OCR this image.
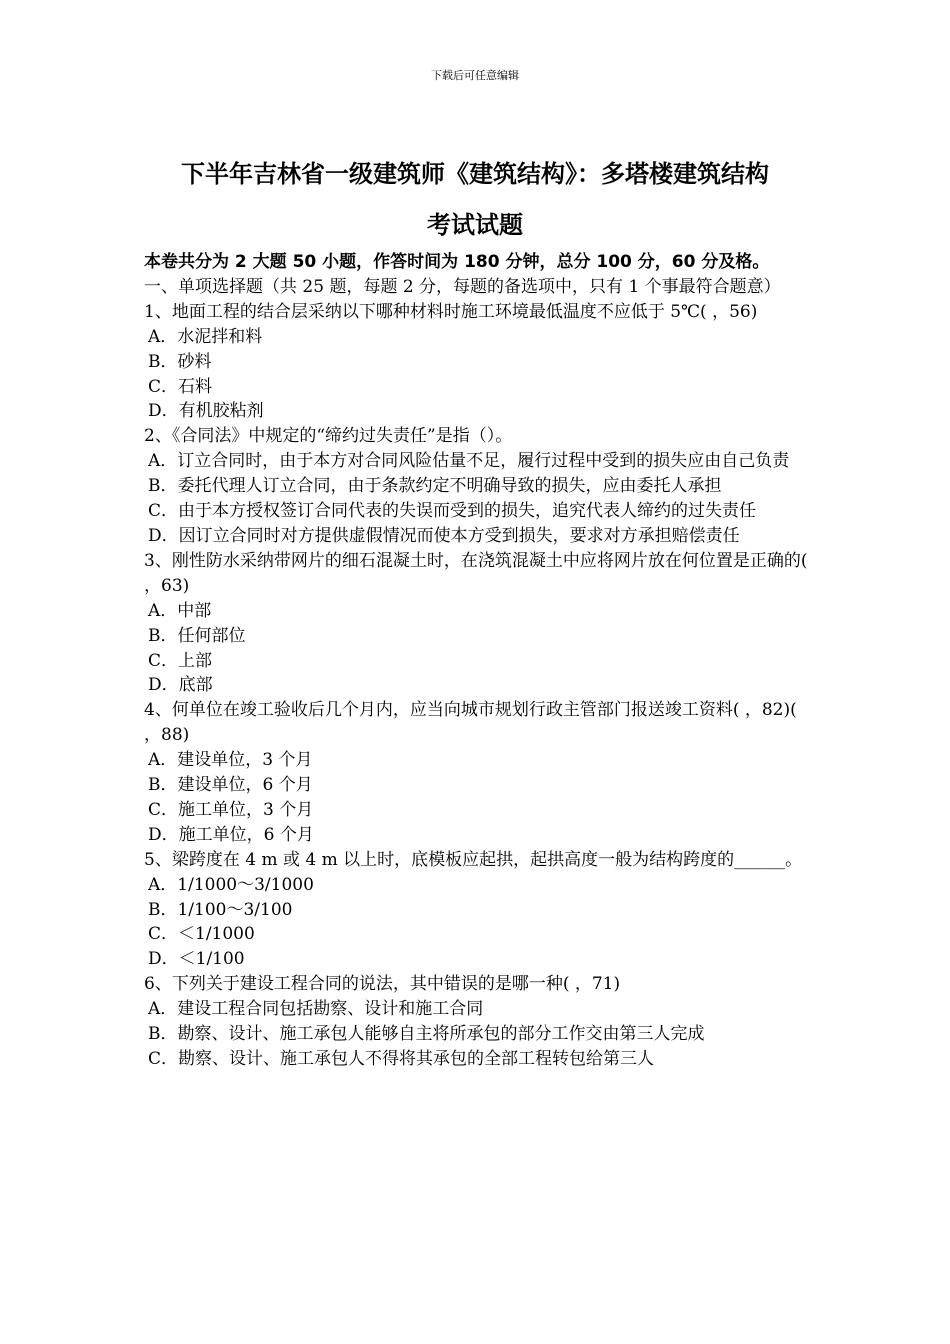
下载后可任意编辑
下半年吉林省一级建筑师《建筑结构》：多塔楼建筑结构
考试试题

本卷共分为 2 大题 50 小题，作答时间为 180 分钟，总分 100 分，60 分及格。

一、单项选择题（共 25 题，每题 2 分，每题的备选项中，只有 1 个事最符合题意）

1、地面工程的结合层采纳以下哪种材料时施工环境最低温度不应低于 5℃( ，56)

A．水泥拌和料

B．砂料

C．石料

D．有机胶粘剂

2、《合同法》中规定的“缔约过失责任”是指（）。

A．订立合同时，由于本方对合同风险估量不足，履行过程中受到的损失应由自己负责

B．委托代理人订立合同，由于条款约定不明确导致的损失，应由委托人承担

C．由于本方授权签订合同代表的失误而受到的损失，追究代表人缔约的过失责任

D．因订立合同时对方提供虚假情况而使本方受到损失，要求对方承担赔偿责任

3、刚性防水采纳带网片的细石混凝土时，在浇筑混凝土中应将网片放在何位置是正确的( ，63)

A．中部

B．任何部位

C．上部

D．底部

4、何单位在竣工验收后几个月内，应当向城市规划行政主管部门报送竣工资料( ，82)( ，88)

A．建设单位，3 个月

B．建设单位，6 个月

C．施工单位，3 个月

D．施工单位，6 个月

5、梁跨度在 4 m 或 4 m 以上时，底模板应起拱，起拱高度一般为结构跨度的______。

A．1/1000～3/1000

B．1/100～3/100

C．＜1/1000

D．＜1/100

6、下列关于建设工程合同的说法，其中错误的是哪一种( ，71)

A．建设工程合同包括勘察、设计和施工合同

B．勘察、设计、施工承包人能够自主将所承包的部分工作交由第三人完成

C．勘察、设计、施工承包人不得将其承包的全部工程转包给第三人
